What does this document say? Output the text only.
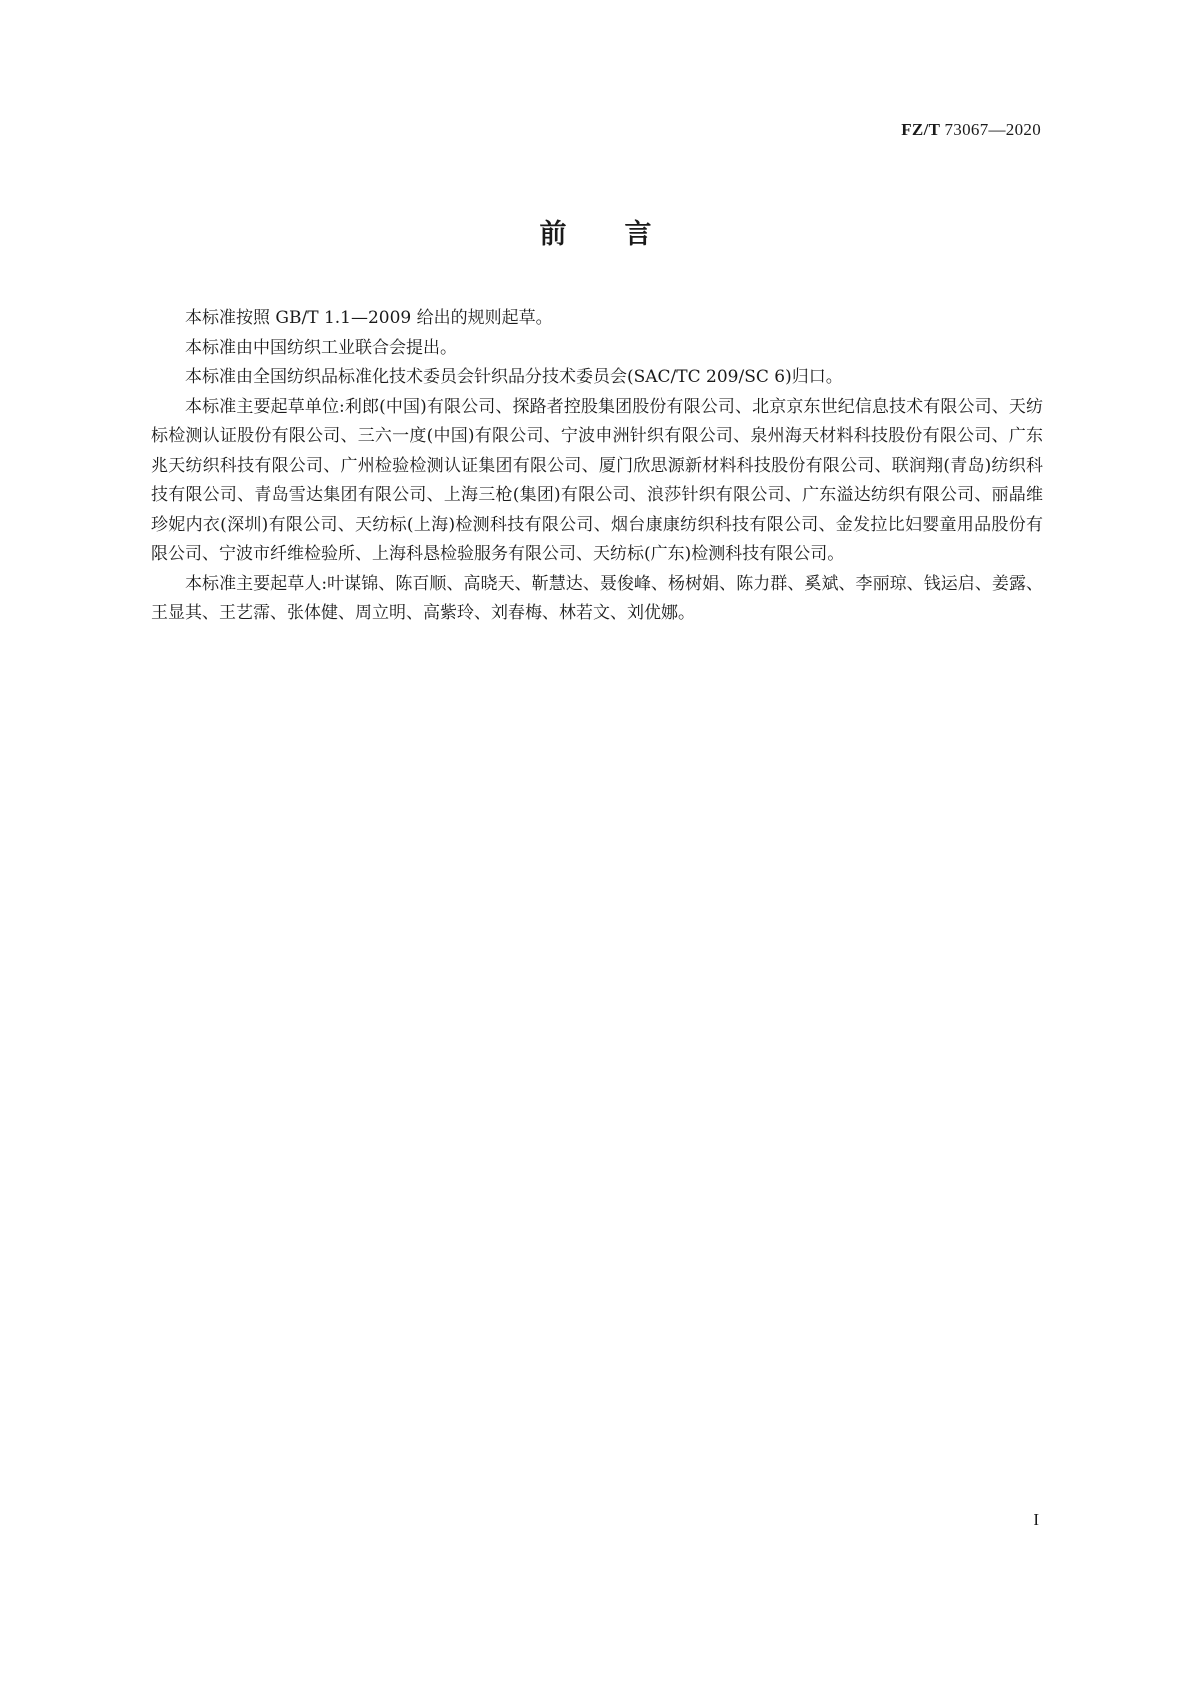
FZ/T 73067—2020
前 言

本标准按照 GB/T 1.1—2009 给出的规则起草。

本标准由中国纺织工业联合会提出。

本标准由全国纺织品标准化技术委员会针织品分技术委员会(SAC/TC 209/SC 6)归口。

本标准主要起草单位:利郎(中国)有限公司、探路者控股集团股份有限公司、北京京东世纪信息技术有限公司、天纺标检测认证股份有限公司、三六一度(中国)有限公司、宁波申洲针织有限公司、泉州海天材料科技股份有限公司、广东兆天纺织科技有限公司、广州检验检测认证集团有限公司、厦门欣思源新材料科技股份有限公司、联润翔(青岛)纺织科技有限公司、青岛雪达集团有限公司、上海三枪(集团)有限公司、浪莎针织有限公司、广东溢达纺织有限公司、丽晶维珍妮内衣(深圳)有限公司、天纺标(上海)检测科技有限公司、烟台康康纺织科技有限公司、金发拉比妇婴童用品股份有限公司、宁波市纤维检验所、上海科恳检验服务有限公司、天纺标(广东)检测科技有限公司。

本标准主要起草人:叶谋锦、陈百顺、高晓天、靳慧达、聂俊峰、杨树娟、陈力群、奚斌、李丽琼、钱运启、姜露、王显其、王艺霈、张体健、周立明、高紫玲、刘春梅、林若文、刘优娜。

I
